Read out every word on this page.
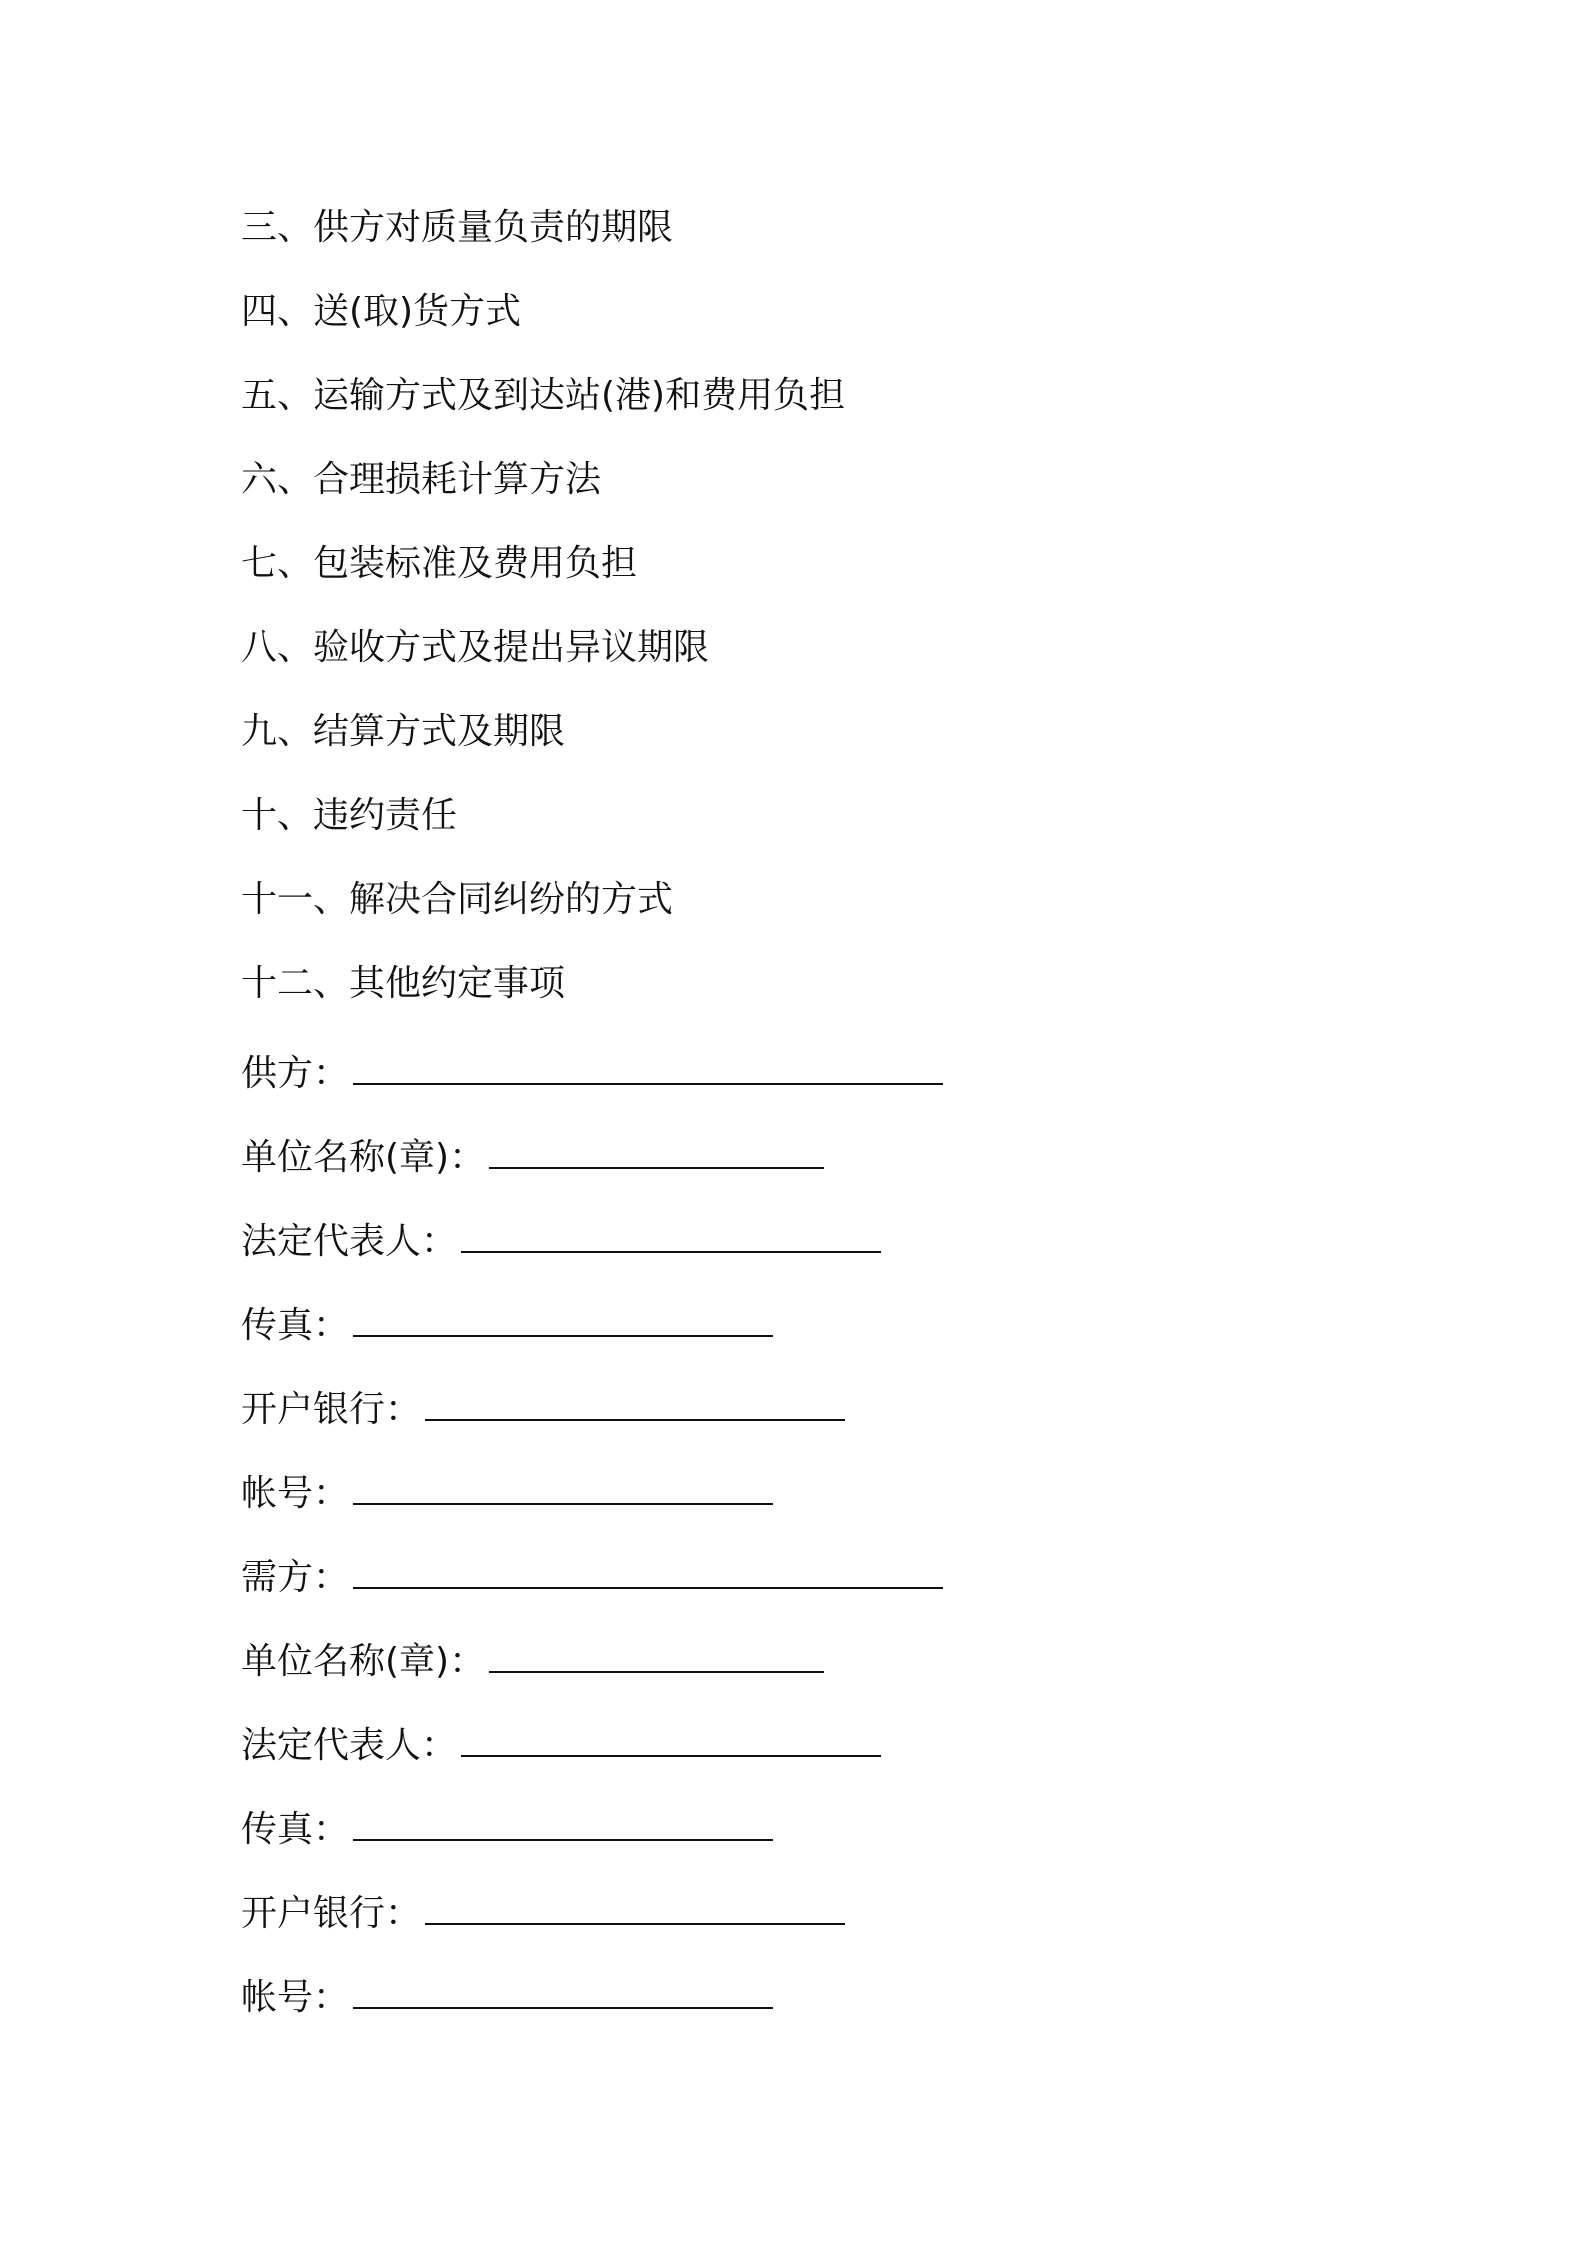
三、供方对质量负责的期限
四、送(取)货方式
五、运输方式及到达站(港)和费用负担
六、合理损耗计算方法
七、包装标准及费用负担
八、验收方式及提出异议期限
九、结算方式及期限
十、违约责任
十一、解决合同纠纷的方式
十二、其他约定事项
供方：
单位名称(章)：
法定代表人：
传真：
开户银行：
帐号：
需方：
单位名称(章)：
法定代表人：
传真：
开户银行：
帐号：
